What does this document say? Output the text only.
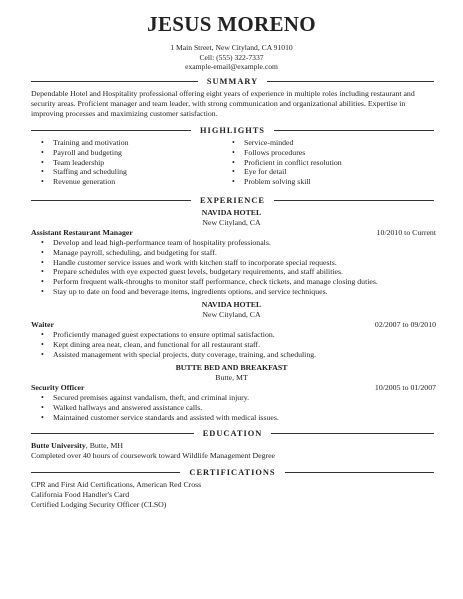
JESUS MORENO
1 Main Street, New Cityland, CA 91010
Cell: (555) 322-7337
example-email@example.com
SUMMARY
Dependable Hotel and Hospitality professional offering eight years of experience in multiple roles including restaurant and security areas. Proficient manager and team leader, with strong communication and organizational abilities. Expertise in improving processes and maximizing customer satisfaction.
HIGHLIGHTS
• Training and motivation
• Payroll and budgeting
• Team leadership
• Staffing and scheduling
• Revenue generation
• Service-minded
• Follows procedures
• Proficient in conflict resolution
• Eye for detail
• Problem solving skill
EXPERIENCE
NAVIDA HOTEL
New Cityland, CA
Assistant Restaurant Manager	10/2010 to Current
• Develop and lead high-performance team of hospitality professionals.
• Manage payroll, scheduling, and budgeting for staff.
• Handle customer service issues and work with kitchen staff to incorporate special requests.
• Prepare schedules with eye expected guest levels, budgetary requirements, and staff abilities.
• Perform frequent walk-throughs to monitor staff performance, check tickets, and manage closing duties.
• Stay up to date on food and beverage items, ingredients options, and service techniques.
NAVIDA HOTEL
New Cityland, CA
Waiter	02/2007 to 09/2010
• Proficiently managed guest expectations to ensure optimal satisfaction.
• Kept dining area neat, clean, and functional for all restaurant staff.
• Assisted management with special projects, duty coverage, training, and scheduling.
BUTTE BED AND BREAKFAST
Butte, MT
Security Officer	10/2005 to 01/2007
• Secured premises against vandalism, theft, and criminal injury.
• Walked hallways and answered assistance calls.
• Maintained customer service standards and assisted with medical issues.
EDUCATION
Butte University, Butte, MH
Completed over 40 hours of coursework toward Wildlife Management Degree
CERTIFICATIONS
CPR and First Aid Certifications, American Red Cross
California Food Handler's Card
Certified Lodging Security Officer (CLSO)
